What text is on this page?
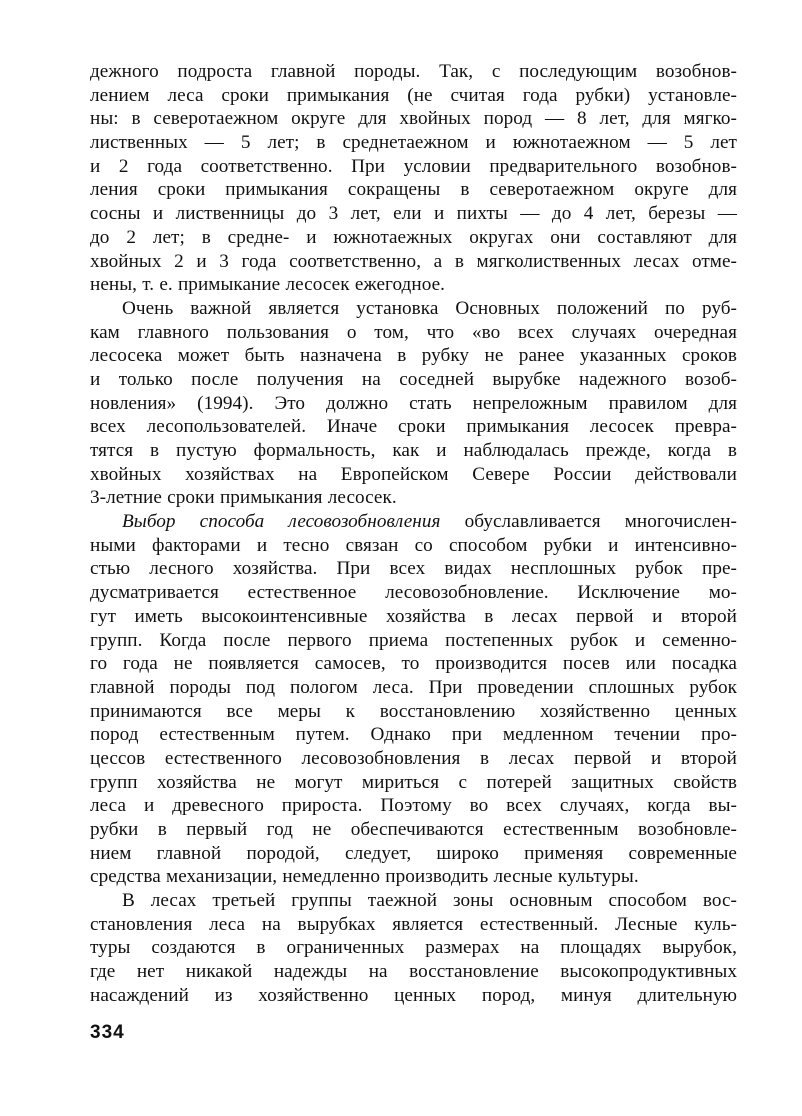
дежного подроста главной породы. Так, с последующим возобнов-
лением леса сроки примыкания (не считая года рубки) установле-
ны: в северотаежном округе для хвойных пород — 8 лет, для мягко-
лиственных — 5 лет; в среднетаежном и южнотаежном — 5 лет
и 2 года соответственно. При условии предварительного возобнов-
ления сроки примыкания сокращены в северотаежном округе для
сосны и лиственницы до 3 лет, ели и пихты — до 4 лет, березы —
до 2 лет; в средне- и южнотаежных округах они составляют для
хвойных 2 и 3 года соответственно, а в мягколиственных лесах отме-
нены, т. е. примыкание лесосек ежегодное.
Очень важной является установка Основных положений по руб-
кам главного пользования о том, что «во всех случаях очередная
лесосека может быть назначена в рубку не ранее указанных сроков
и только после получения на соседней вырубке надежного возоб-
новления» (1994). Это должно стать непреложным правилом для
всех лесопользователей. Иначе сроки примыкания лесосек превра-
тятся в пустую формальность, как и наблюдалась прежде, когда в
хвойных хозяйствах на Европейском Севере России действовали
3-летние сроки примыкания лесосек.
Выбор способа лесовозобновления обуславливается многочислен-
ными факторами и тесно связан со способом рубки и интенсивно-
стью лесного хозяйства. При всех видах несплошных рубок пре-
дусматривается естественное лесовозобновление. Исключение мо-
гут иметь высокоинтенсивные хозяйства в лесах первой и второй
групп. Когда после первого приема постепенных рубок и семенно-
го года не появляется самосев, то производится посев или посадка
главной породы под пологом леса. При проведении сплошных рубок
принимаются все меры к восстановлению хозяйственно ценных
пород естественным путем. Однако при медленном течении про-
цессов естественного лесовозобновления в лесах первой и второй
групп хозяйства не могут мириться с потерей защитных свойств
леса и древесного прироста. Поэтому во всех случаях, когда вы-
рубки в первый год не обеспечиваются естественным возобновле-
нием главной породой, следует, широко применяя современные
средства механизации, немедленно производить лесные культуры.
В лесах третьей группы таежной зоны основным способом вос-
становления леса на вырубках является естественный. Лесные куль-
туры создаются в ограниченных размерах на площадях вырубок,
где нет никакой надежды на восстановление высокопродуктивных
насаждений из хозяйственно ценных пород, минуя длительную
334
